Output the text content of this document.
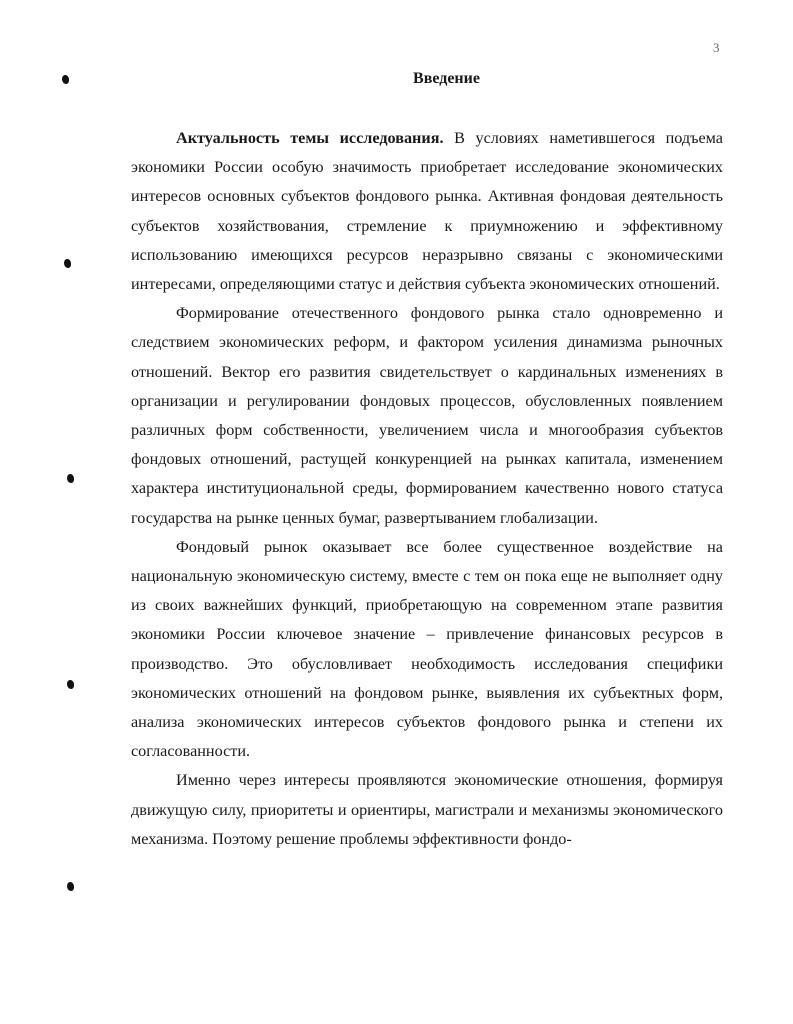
3
Введение

Актуальность темы исследования. В условиях наметившегося подъема экономики России особую значимость приобретает исследование экономических интересов основных субъектов фондового рынка. Активная фондовая деятельность субъектов хозяйствования, стремление к приумножению и эффективному использованию имеющихся ресурсов неразрывно связаны с экономическими интересами, определяющими статус и действия субъекта экономических отношений.

Формирование отечественного фондового рынка стало одновременно и следствием экономических реформ, и фактором усиления динамизма рыночных отношений. Вектор его развития свидетельствует о кардинальных изменениях в организации и регулировании фондовых процессов, обусловленных появлением различных форм собственности, увеличением числа и многообразия субъектов фондовых отношений, растущей конкуренцией на рынках капитала, изменением характера институциональной среды, формированием качественно нового статуса государства на рынке ценных бумаг, развертыванием глобализации.

Фондовый рынок оказывает все более существенное воздействие на национальную экономическую систему, вместе с тем он пока еще не выполняет одну из своих важнейших функций, приобретающую на современном этапе развития экономики России ключевое значение – привлечение финансовых ресурсов в производство. Это обусловливает необходимость исследования специфики экономических отношений на фондовом рынке, выявления их субъектных форм, анализа экономических интересов субъектов фондового рынка и степени их согласованности.

Именно через интересы проявляются экономические отношения, формируя движущую силу, приоритеты и ориентиры, магистрали и механизмы экономического механизма. Поэтому решение проблемы эффективности фондо-
